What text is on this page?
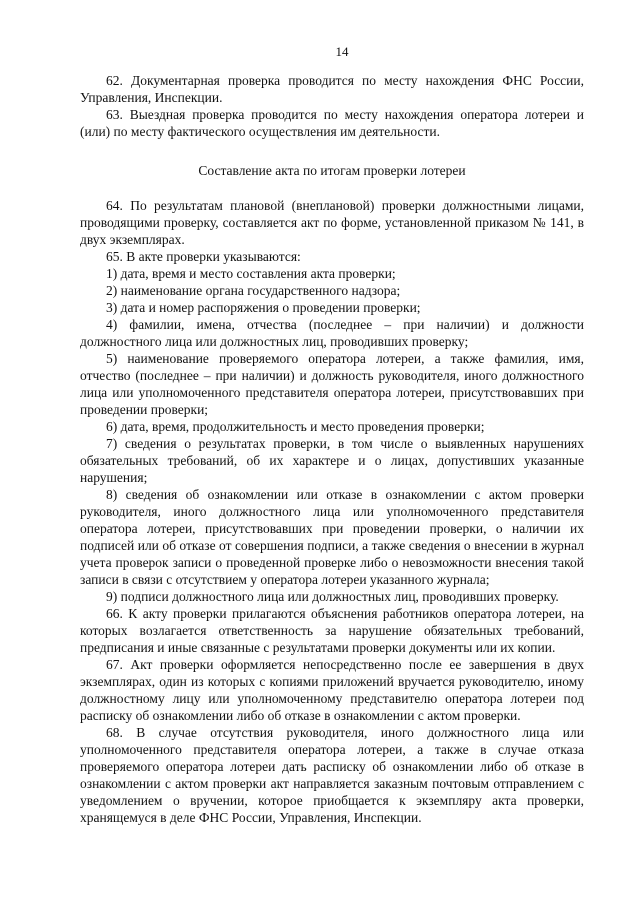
14

62. Документарная проверка проводится по месту нахождения ФНС России, Управления, Инспекции.

63. Выездная проверка проводится по месту нахождения оператора лотереи и (или) по месту фактического осуществления им деятельности.

Составление акта по итогам проверки лотереи

64. По результатам плановой (внеплановой) проверки должностными лицами, проводящими проверку, составляется акт по форме, установленной приказом № 141, в двух экземплярах.

65. В акте проверки указываются:

1) дата, время и место составления акта проверки;

2) наименование органа государственного надзора;

3) дата и номер распоряжения о проведении проверки;

4) фамилии, имена, отчества (последнее – при наличии) и должности должностного лица или должностных лиц, проводивших проверку;

5) наименование проверяемого оператора лотереи, а также фамилия, имя, отчество (последнее – при наличии) и должность руководителя, иного должностного лица или уполномоченного представителя оператора лотереи, присутствовавших при проведении проверки;

6) дата, время, продолжительность и место проведения проверки;

7) сведения о результатах проверки, в том числе о выявленных нарушениях обязательных требований, об их характере и о лицах, допустивших указанные нарушения;

8) сведения об ознакомлении или отказе в ознакомлении с актом проверки руководителя, иного должностного лица или уполномоченного представителя оператора лотереи, присутствовавших при проведении проверки, о наличии их подписей или об отказе от совершения подписи, а также сведения о внесении в журнал учета проверок записи о проведенной проверке либо о невозможности внесения такой записи в связи с отсутствием у оператора лотереи указанного журнала;

9) подписи должностного лица или должностных лиц, проводивших проверку.

66. К акту проверки прилагаются объяснения работников оператора лотереи, на которых возлагается ответственность за нарушение обязательных требований, предписания и иные связанные с результатами проверки документы или их копии.

67. Акт проверки оформляется непосредственно после ее завершения в двух экземплярах, один из которых с копиями приложений вручается руководителю, иному должностному лицу или уполномоченному представителю оператора лотереи под расписку об ознакомлении либо об отказе в ознакомлении с актом проверки.

68. В случае отсутствия руководителя, иного должностного лица или уполномоченного представителя оператора лотереи, а также в случае отказа проверяемого оператора лотереи дать расписку об ознакомлении либо об отказе в ознакомлении с актом проверки акт направляется заказным почтовым отправлением с уведомлением о вручении, которое приобщается к экземпляру акта проверки, хранящемуся в деле ФНС России, Управления, Инспекции.
